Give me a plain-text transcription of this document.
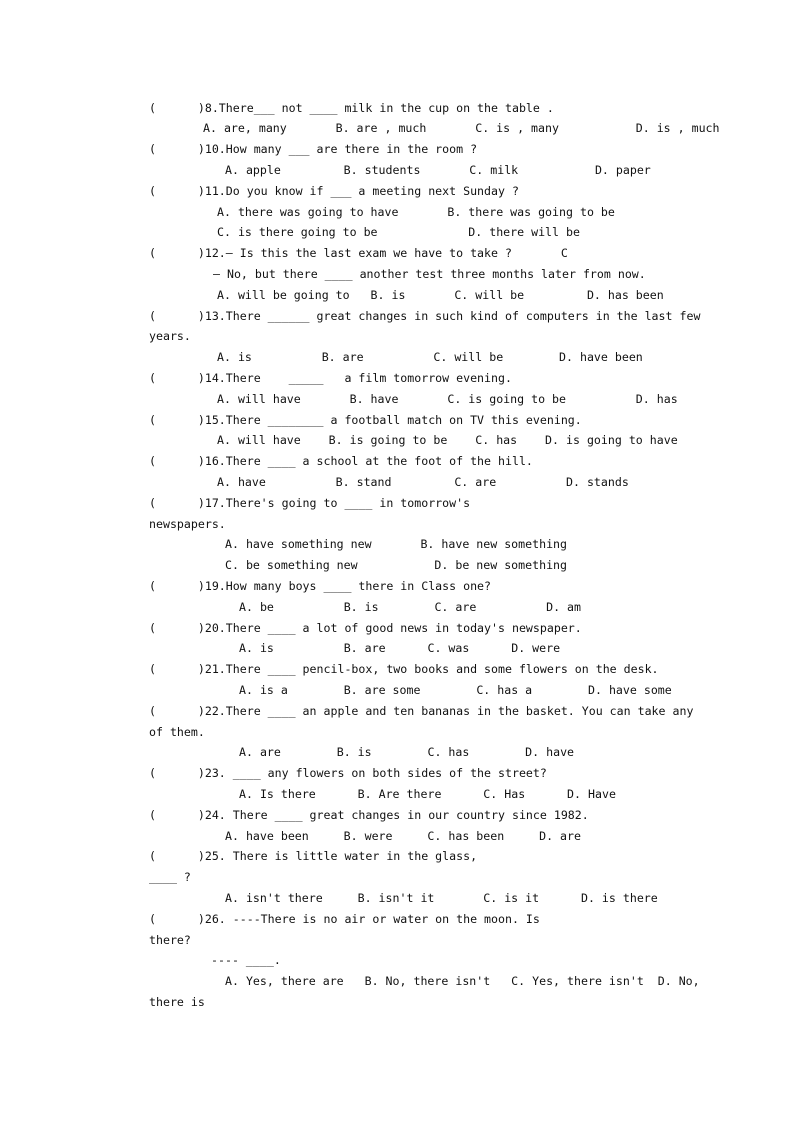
(      )8.There___ not ____ milk in the cup on the table .
A. are, many       B. are , much       C. is , many           D. is , much
(      )10.How many ___ are there in the room ?
A. apple         B. students       C. milk           D. paper
(      )11.Do you know if ___ a meeting next Sunday ?
A. there was going to have       B. there was going to be
C. is there going to be             D. there will be
(      )12.— Is this the last exam we have to take ?       C
— No, but there ____ another test three months later from now.
A. will be going to   B. is       C. will be         D. has been
(      )13.There ______ great changes in such kind of computers in the last few
years.
A. is          B. are          C. will be        D. have been
(      )14.There    _____   a film tomorrow evening.
A. will have       B. have       C. is going to be          D. has
(      )15.There ________ a football match on TV this evening.
A. will have    B. is going to be    C. has    D. is going to have
(      )16.There ____ a school at the foot of the hill.
A. have          B. stand         C. are          D. stands
(      )17.There's going to ____ in tomorrow's
newspapers.
A. have something new       B. have new something
C. be something new           D. be new something
(      )19.How many boys ____ there in Class one?
A. be          B. is        C. are          D. am
(      )20.There ____ a lot of good news in today's newspaper.
A. is          B. are      C. was      D. were
(      )21.There ____ pencil-box, two books and some flowers on the desk.
A. is a        B. are some        C. has a        D. have some
(      )22.There ____ an apple and ten bananas in the basket. You can take any
of them.
A. are        B. is        C. has        D. have
(      )23. ____ any flowers on both sides of the street?
A. Is there      B. Are there      C. Has      D. Have
(      )24. There ____ great changes in our country since 1982.
A. have been     B. were     C. has been     D. are
(      )25. There is little water in the glass,
____ ?
A. isn't there     B. isn't it       C. is it      D. is there
(      )26. ----There is no air or water on the moon. Is
there?
---- ____.
A. Yes, there are   B. No, there isn't   C. Yes, there isn't  D. No,
there is
